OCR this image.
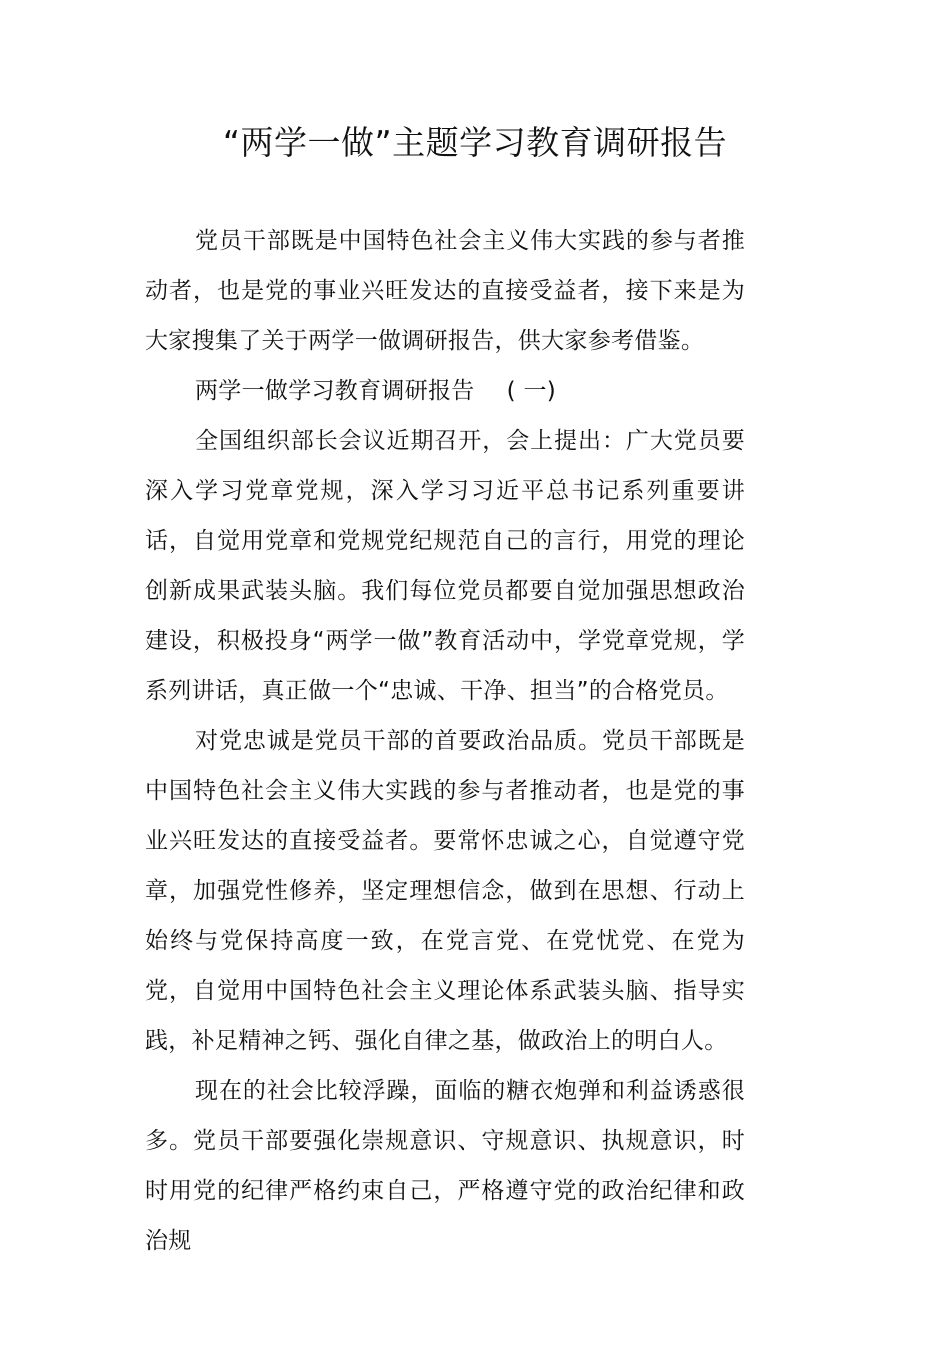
“两学一做”主题学习教育调研报告

党员干部既是中国特色社会主义伟大实践的参与者推动者，也是党的事业兴旺发达的直接受益者，接下来是为大家搜集了关于两学一做调研报告，供大家参考借鉴。

两学一做学习教育调研报告 ( 一)

全国组织部长会议近期召开，会上提出：广大党员要深入学习党章党规，深入学习习近平总书记系列重要讲话，自觉用党章和党规党纪规范自己的言行，用党的理论创新成果武装头脑。我们每位党员都要自觉加强思想政治建设，积极投身“两学一做”教育活动中，学党章党规，学系列讲话，真正做一个“忠诚、干净、担当”的合格党员。

对党忠诚是党员干部的首要政治品质。党员干部既是中国特色社会主义伟大实践的参与者推动者，也是党的事业兴旺发达的直接受益者。要常怀忠诚之心，自觉遵守党章，加强党性修养，坚定理想信念，做到在思想、行动上始终与党保持高度一致，在党言党、在党忧党、在党为党，自觉用中国特色社会主义理论体系武装头脑、指导实践，补足精神之钙、强化自律之基，做政治上的明白人。

现在的社会比较浮躁，面临的糖衣炮弹和利益诱惑很多。党员干部要强化崇规意识、守规意识、执规意识，时时用党的纪律严格约束自己，严格遵守党的政治纪律和政治规
